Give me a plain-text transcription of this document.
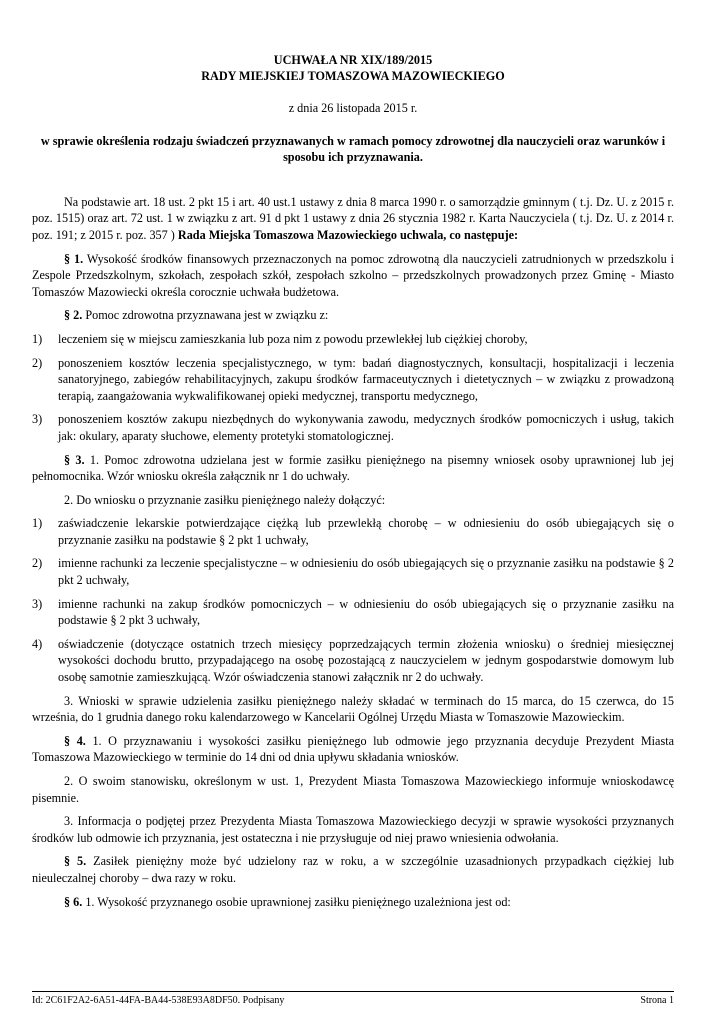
UCHWAŁA NR XIX/189/2015
RADY MIEJSKIEJ TOMASZOWA MAZOWIECKIEGO
z dnia 26 listopada 2015 r.
w sprawie określenia rodzaju świadczeń przyznawanych w ramach pomocy zdrowotnej dla nauczycieli oraz warunków i sposobu ich przyznawania.
Na podstawie art. 18 ust. 2 pkt 15 i art. 40 ust.1 ustawy z dnia 8 marca 1990 r. o samorządzie gminnym ( t.j. Dz. U. z 2015 r. poz. 1515) oraz art. 72 ust. 1 w związku z art. 91 d pkt 1 ustawy z dnia 26 stycznia 1982 r. Karta Nauczyciela ( t.j. Dz. U. z 2014 r. poz. 191; z 2015 r. poz. 357 ) Rada Miejska Tomaszowa Mazowieckiego uchwala, co następuje:
§ 1. Wysokość środków finansowych przeznaczonych na pomoc zdrowotną dla nauczycieli zatrudnionych w przedszkolu i Zespole Przedszkolnym, szkołach, zespołach szkół, zespołach szkolno – przedszkolnych prowadzonych przez Gminę - Miasto Tomaszów Mazowiecki określa corocznie uchwała budżetowa.
§ 2. Pomoc zdrowotna przyznawana jest w związku z:
1)	leczeniem się w miejscu zamieszkania lub poza nim z powodu przewlekłej lub ciężkiej choroby,
2)	ponoszeniem kosztów leczenia specjalistycznego, w tym: badań diagnostycznych, konsultacji, hospitalizacji i leczenia sanatoryjnego, zabiegów rehabilitacyjnych, zakupu środków farmaceutycznych i dietetycznych – w związku z prowadzoną terapią, zaangażowania wykwalifikowanej opieki medycznej, transportu medycznego,
3)	ponoszeniem kosztów zakupu niezbędnych do wykonywania zawodu, medycznych środków pomocniczych i usług, takich jak: okulary, aparaty słuchowe, elementy protetyki stomatologicznej.
§ 3. 1. Pomoc zdrowotna udzielana jest w formie zasiłku pieniężnego na pisemny wniosek osoby uprawnionej lub jej pełnomocnika. Wzór wniosku określa załącznik nr 1 do uchwały.
2. Do wniosku o przyznanie zasiłku pieniężnego należy dołączyć:
1)	zaświadczenie lekarskie potwierdzające ciężką lub przewlekłą chorobę – w odniesieniu do osób ubiegających się o przyznanie zasiłku na podstawie § 2 pkt 1 uchwały,
2)	imienne rachunki za leczenie specjalistyczne – w odniesieniu do osób ubiegających się o przyznanie zasiłku na podstawie § 2 pkt 2 uchwały,
3)	imienne rachunki na zakup środków pomocniczych – w odniesieniu do osób ubiegających się o przyznanie zasiłku na podstawie § 2 pkt 3 uchwały,
4)	oświadczenie (dotyczące ostatnich trzech miesięcy poprzedzających termin złożenia wniosku) o średniej miesięcznej wysokości dochodu brutto, przypadającego na osobę pozostającą z nauczycielem w jednym gospodarstwie domowym lub osobę samotnie zamieszkującą. Wzór oświadczenia stanowi załącznik nr 2 do uchwały.
3. Wnioski w sprawie udzielenia zasiłku pieniężnego należy składać w terminach do 15 marca, do 15 czerwca, do 15 września, do 1 grudnia danego roku kalendarzowego w Kancelarii Ogólnej Urzędu Miasta w Tomaszowie Mazowieckim.
§ 4. 1. O przyznawaniu i wysokości zasiłku pieniężnego lub odmowie jego przyznania decyduje Prezydent Miasta Tomaszowa Mazowieckiego w terminie do 14 dni od dnia upływu składania wniosków.
2. O swoim stanowisku, określonym w ust. 1, Prezydent Miasta Tomaszowa Mazowieckiego informuje wnioskodawcę pisemnie.
3. Informacja o podjętej przez Prezydenta Miasta Tomaszowa Mazowieckiego decyzji w sprawie wysokości przyznanych środków lub odmowie ich przyznania, jest ostateczna i nie przysługuje od niej prawo wniesienia odwołania.
§ 5. Zasiłek pieniężny może być udzielony raz w roku, a w szczególnie uzasadnionych przypadkach ciężkiej lub nieuleczalnej choroby – dwa razy w roku.
§ 6. 1. Wysokość przyznanego osobie uprawnionej zasiłku pieniężnego uzależniona jest od:
Id: 2C61F2A2-6A51-44FA-BA44-538E93A8DF50. Podpisany	Strona 1
